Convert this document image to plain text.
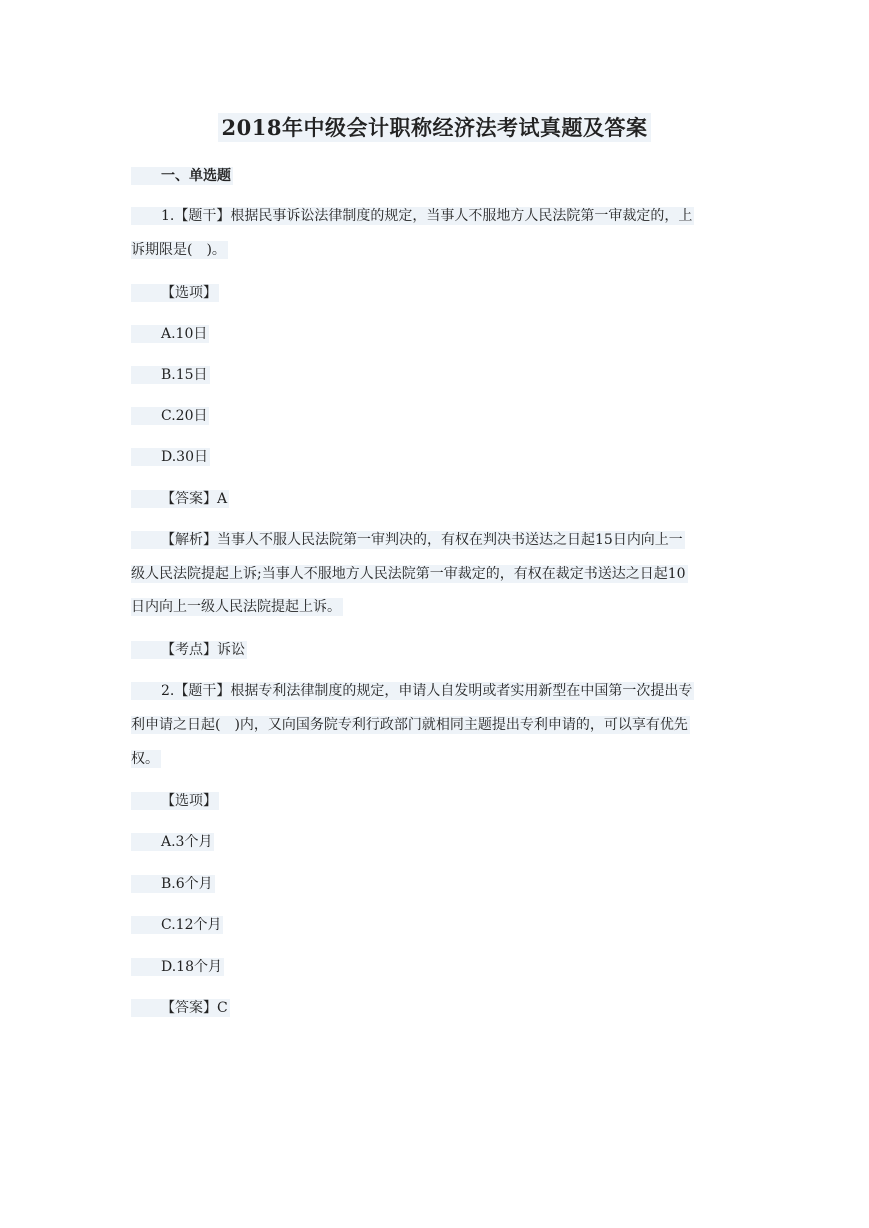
2018年中级会计职称经济法考试真题及答案
一、单选题
1.【题干】根据民事诉讼法律制度的规定，当事人不服地方人民法院第一审裁定的，上
诉期限是(　)。
【选项】
A.10日
B.15日
C.20日
D.30日
【答案】A
【解析】当事人不服人民法院第一审判决的，有权在判决书送达之日起15日内向上一
级人民法院提起上诉;当事人不服地方人民法院第一审裁定的，有权在裁定书送达之日起10
日内向上一级人民法院提起上诉。
【考点】诉讼
2.【题干】根据专利法律制度的规定，申请人自发明或者实用新型在中国第一次提出专
利申请之日起(　)内，又向国务院专利行政部门就相同主题提出专利申请的，可以享有优先
权。
【选项】
A.3个月
B.6个月
C.12个月
D.18个月
【答案】C
